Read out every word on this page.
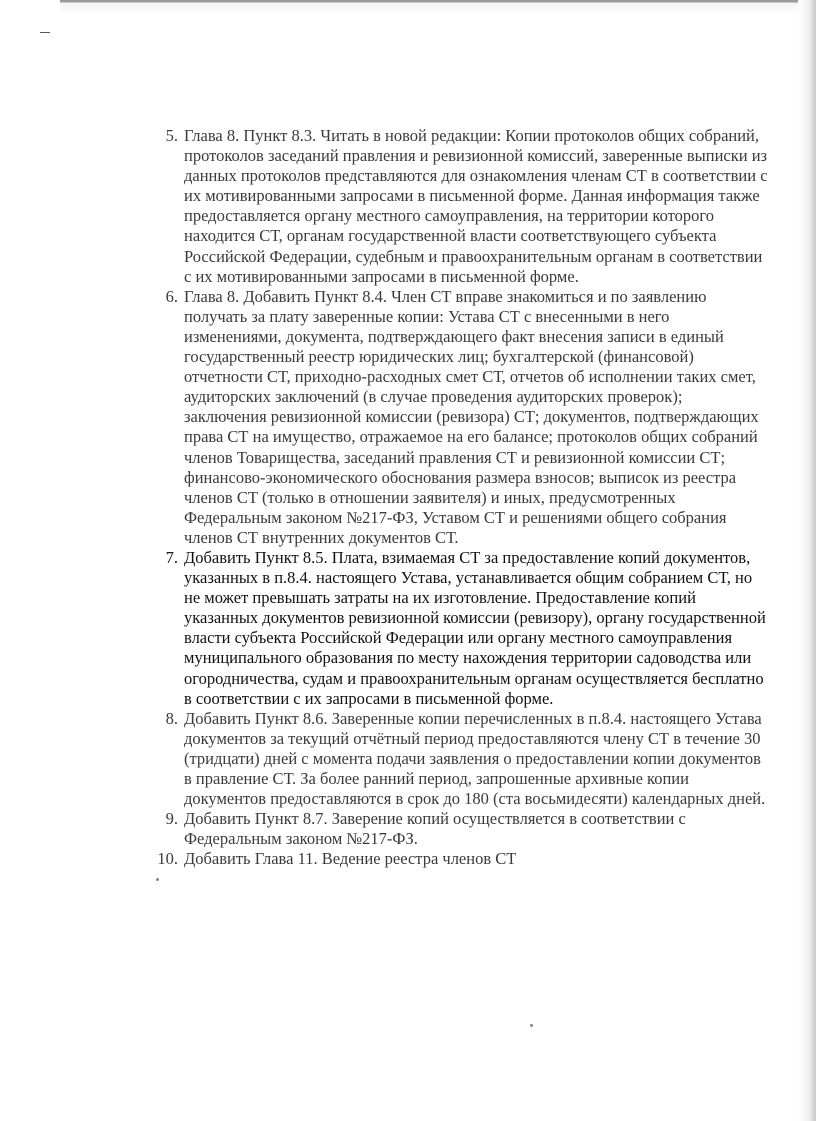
5. Глава 8. Пункт 8.3. Читать в новой редакции: Копии протоколов общих собраний, протоколов заседаний правления и ревизионной комиссий, заверенные выписки из данных протоколов представляются для ознакомления членам СТ в соответствии с их мотивированными запросами в письменной форме. Данная информация также предоставляется органу местного самоуправления, на территории которого находится СТ, органам государственной власти соответствующего субъекта Российской Федерации, судебным и правоохранительным органам в соответствии с их мотивированными запросами в письменной форме.
6. Глава 8. Добавить Пункт 8.4. Член СТ вправе знакомиться и по заявлению получать за плату заверенные копии: Устава СТ с внесенными в него изменениями, документа, подтверждающего факт внесения записи в единый государственный реестр юридических лиц; бухгалтерской (финансовой) отчетности СТ, приходно-расходных смет СТ, отчетов об исполнении таких смет, аудиторских заключений (в случае проведения аудиторских проверок); заключения ревизионной комиссии (ревизора) СТ; документов, подтверждающих права СТ на имущество, отражаемое на его балансе; протоколов общих собраний членов Товарищества, заседаний правления СТ и ревизионной комиссии СТ; финансово-экономического обоснования размера взносов; выписок из реестра членов СТ (только в отношении заявителя) и иных, предусмотренных Федеральным законом №217-ФЗ, Уставом СТ и решениями общего собрания членов СТ внутренних документов СТ.
7. Добавить Пункт 8.5. Плата, взимаемая СТ за предоставление копий документов, указанных в п.8.4. настоящего Устава, устанавливается общим собранием СТ, но не может превышать затраты на их изготовление. Предоставление копий указанных документов ревизионной комиссии (ревизору), органу государственной власти субъекта Российской Федерации или органу местного самоуправления муниципального образования по месту нахождения территории садоводства или огородничества, судам и правоохранительным органам осуществляется бесплатно в соответствии с их запросами в письменной форме.
8. Добавить Пункт 8.6. Заверенные копии перечисленных в п.8.4. настоящего Устава документов за текущий отчётный период предоставляются члену СТ в течение 30 (тридцати) дней с момента подачи заявления о предоставлении копии документов в правление СТ. За более ранний период, запрошенные архивные копии документов предоставляются в срок до 180 (ста восьмидесяти) календарных дней.
9. Добавить Пункт 8.7. Заверение копий осуществляется в соответствии с Федеральным законом №217-ФЗ.
10. Добавить Глава 11. Ведение реестра членов СТ
